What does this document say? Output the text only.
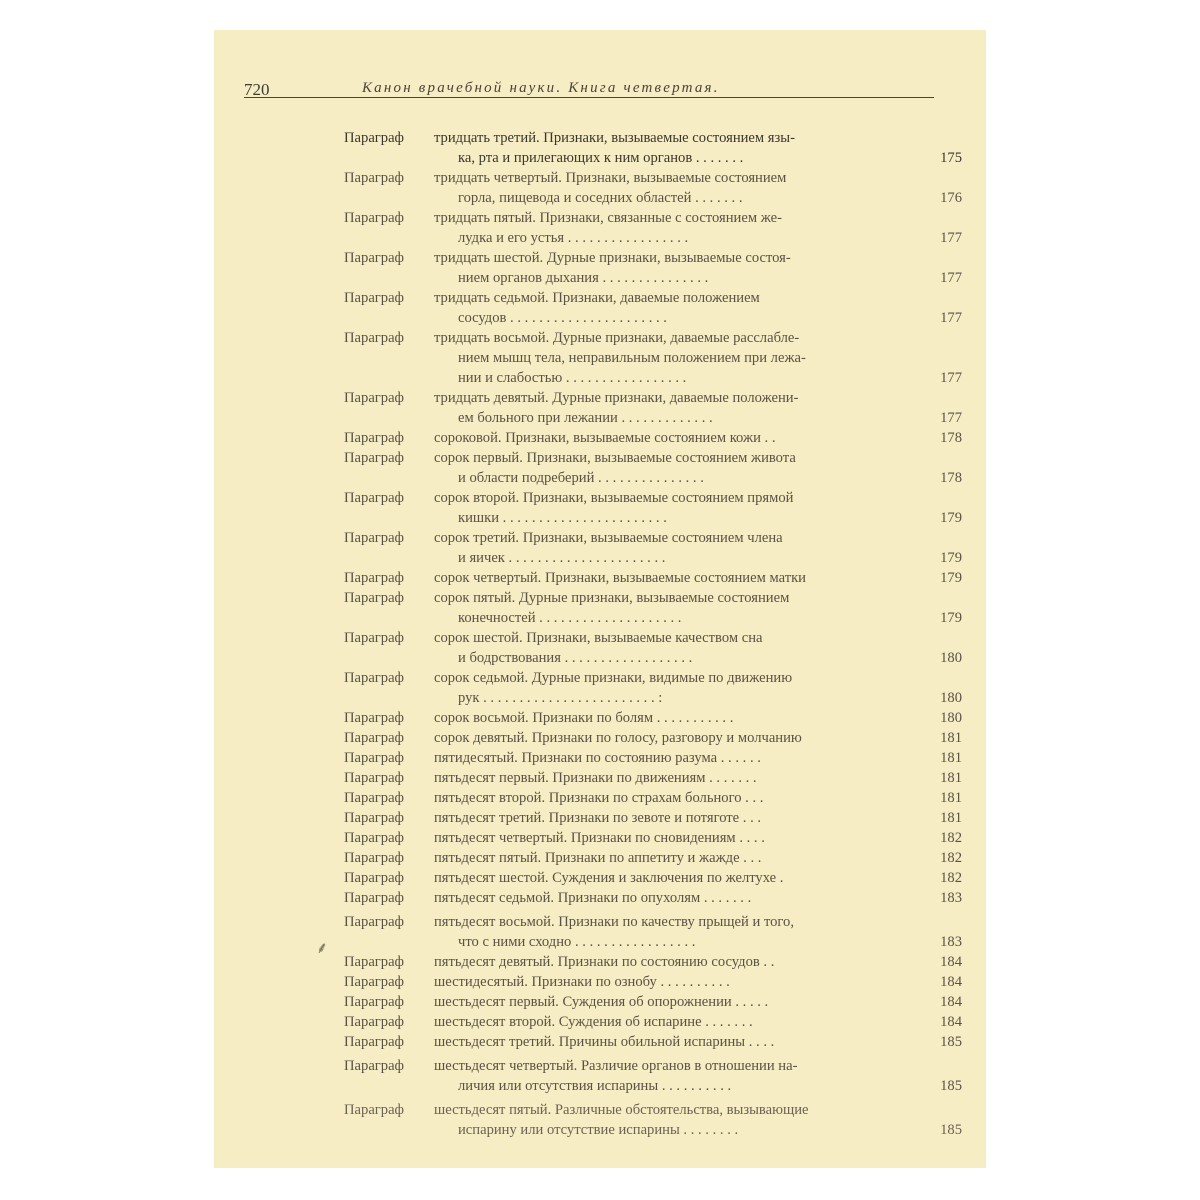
720	Канон врачебной науки. Книга четвертая.
Параграф	тридцать третий. Признаки, вызываемые состоянием язы-
ка, рта и прилегающих к ним органов . . . . . . .	175
Параграф	тридцать четвертый. Признаки, вызываемые состоянием
горла, пищевода и соседних областей . . . . . . .	176
Параграф	тридцать пятый. Признаки, связанные с состоянием же-
лудка и его устья . . . . . . . . . . . . . . . . .	177
Параграф	тридцать шестой. Дурные признаки, вызываемые состоя-
нием органов дыхания . . . . . . . . . . . . . . .	177
Параграф	тридцать седьмой. Признаки, даваемые положением
сосудов . . . . . . . . . . . . . . . . . . . . . .	177
Параграф	тридцать восьмой. Дурные признаки, даваемые расслабле-
нием мышц тела, неправильным положением при лежа-
нии и слабостью . . . . . . . . . . . . . . . . .	177
Параграф	тридцать девятый. Дурные признаки, даваемые положени-
ем больного при лежании . . . . . . . . . . . . .	177
Параграф	сороковой. Признаки, вызываемые состоянием кожи . .	178
Параграф	сорок первый. Признаки, вызываемые состоянием живота
и области подреберий . . . . . . . . . . . . . . .	178
Параграф	сорок второй. Признаки, вызываемые состоянием прямой
кишки . . . . . . . . . . . . . . . . . . . . . . .	179
Параграф	сорок третий. Признаки, вызываемые состоянием члена
и яичек . . . . . . . . . . . . . . . . . . . . . .	179
Параграф	сорок четвертый. Признаки, вызываемые состоянием матки	179
Параграф	сорок пятый. Дурные признаки, вызываемые состоянием
конечностей . . . . . . . . . . . . . . . . . . . .	179
Параграф	сорок шестой. Признаки, вызываемые качеством сна
и бодрствования . . . . . . . . . . . . . . . . . .	180
Параграф	сорок седьмой. Дурные признаки, видимые по движению
рук . . . . . . . . . . . . . . . . . . . . . . . . :	180
Параграф	сорок восьмой. Признаки по болям . . . . . . . . . . .	180
Параграф	сорок девятый. Признаки по голосу, разговору и молчанию	181
Параграф	пятидесятый. Признаки по состоянию разума . . . . . .	181
Параграф	пятьдесят первый. Признаки по движениям . . . . . . .	181
Параграф	пятьдесят второй. Признаки по страхам больного . . .	181
Параграф	пятьдесят третий. Признаки по зевоте и потяготе . . .	181
Параграф	пятьдесят четвертый. Признаки по сновидениям . . . .	182
Параграф	пятьдесят пятый. Признаки по аппетиту и жажде . . .	182
Параграф	пятьдесят шестой. Суждения и заключения по желтухе .	182
Параграф	пятьдесят седьмой. Признаки по опухолям . . . . . . .	183
Параграф	пятьдесят восьмой. Признаки по качеству прыщей и того,
что с ними сходно . . . . . . . . . . . . . . . . .	183
Параграф	пятьдесят девятый. Признаки по состоянию сосудов . .	184
Параграф	шестидесятый. Признаки по ознобу . . . . . . . . . .	184
Параграф	шестьдесят первый. Суждения об опорожнении . . . . .	184
Параграф	шестьдесят второй. Суждения об испарине . . . . . . .	184
Параграф	шестьдесят третий. Причины обильной испарины . . . .	185
Параграф	шестьдесят четвертый. Различие органов в отношении на-
личия или отсутствия испарины . . . . . . . . . .	185
Параграф	шестьдесят пятый. Различные обстоятельства, вызывающие
испарину или отсутствие испарины . . . . . . . .	185
⸙
